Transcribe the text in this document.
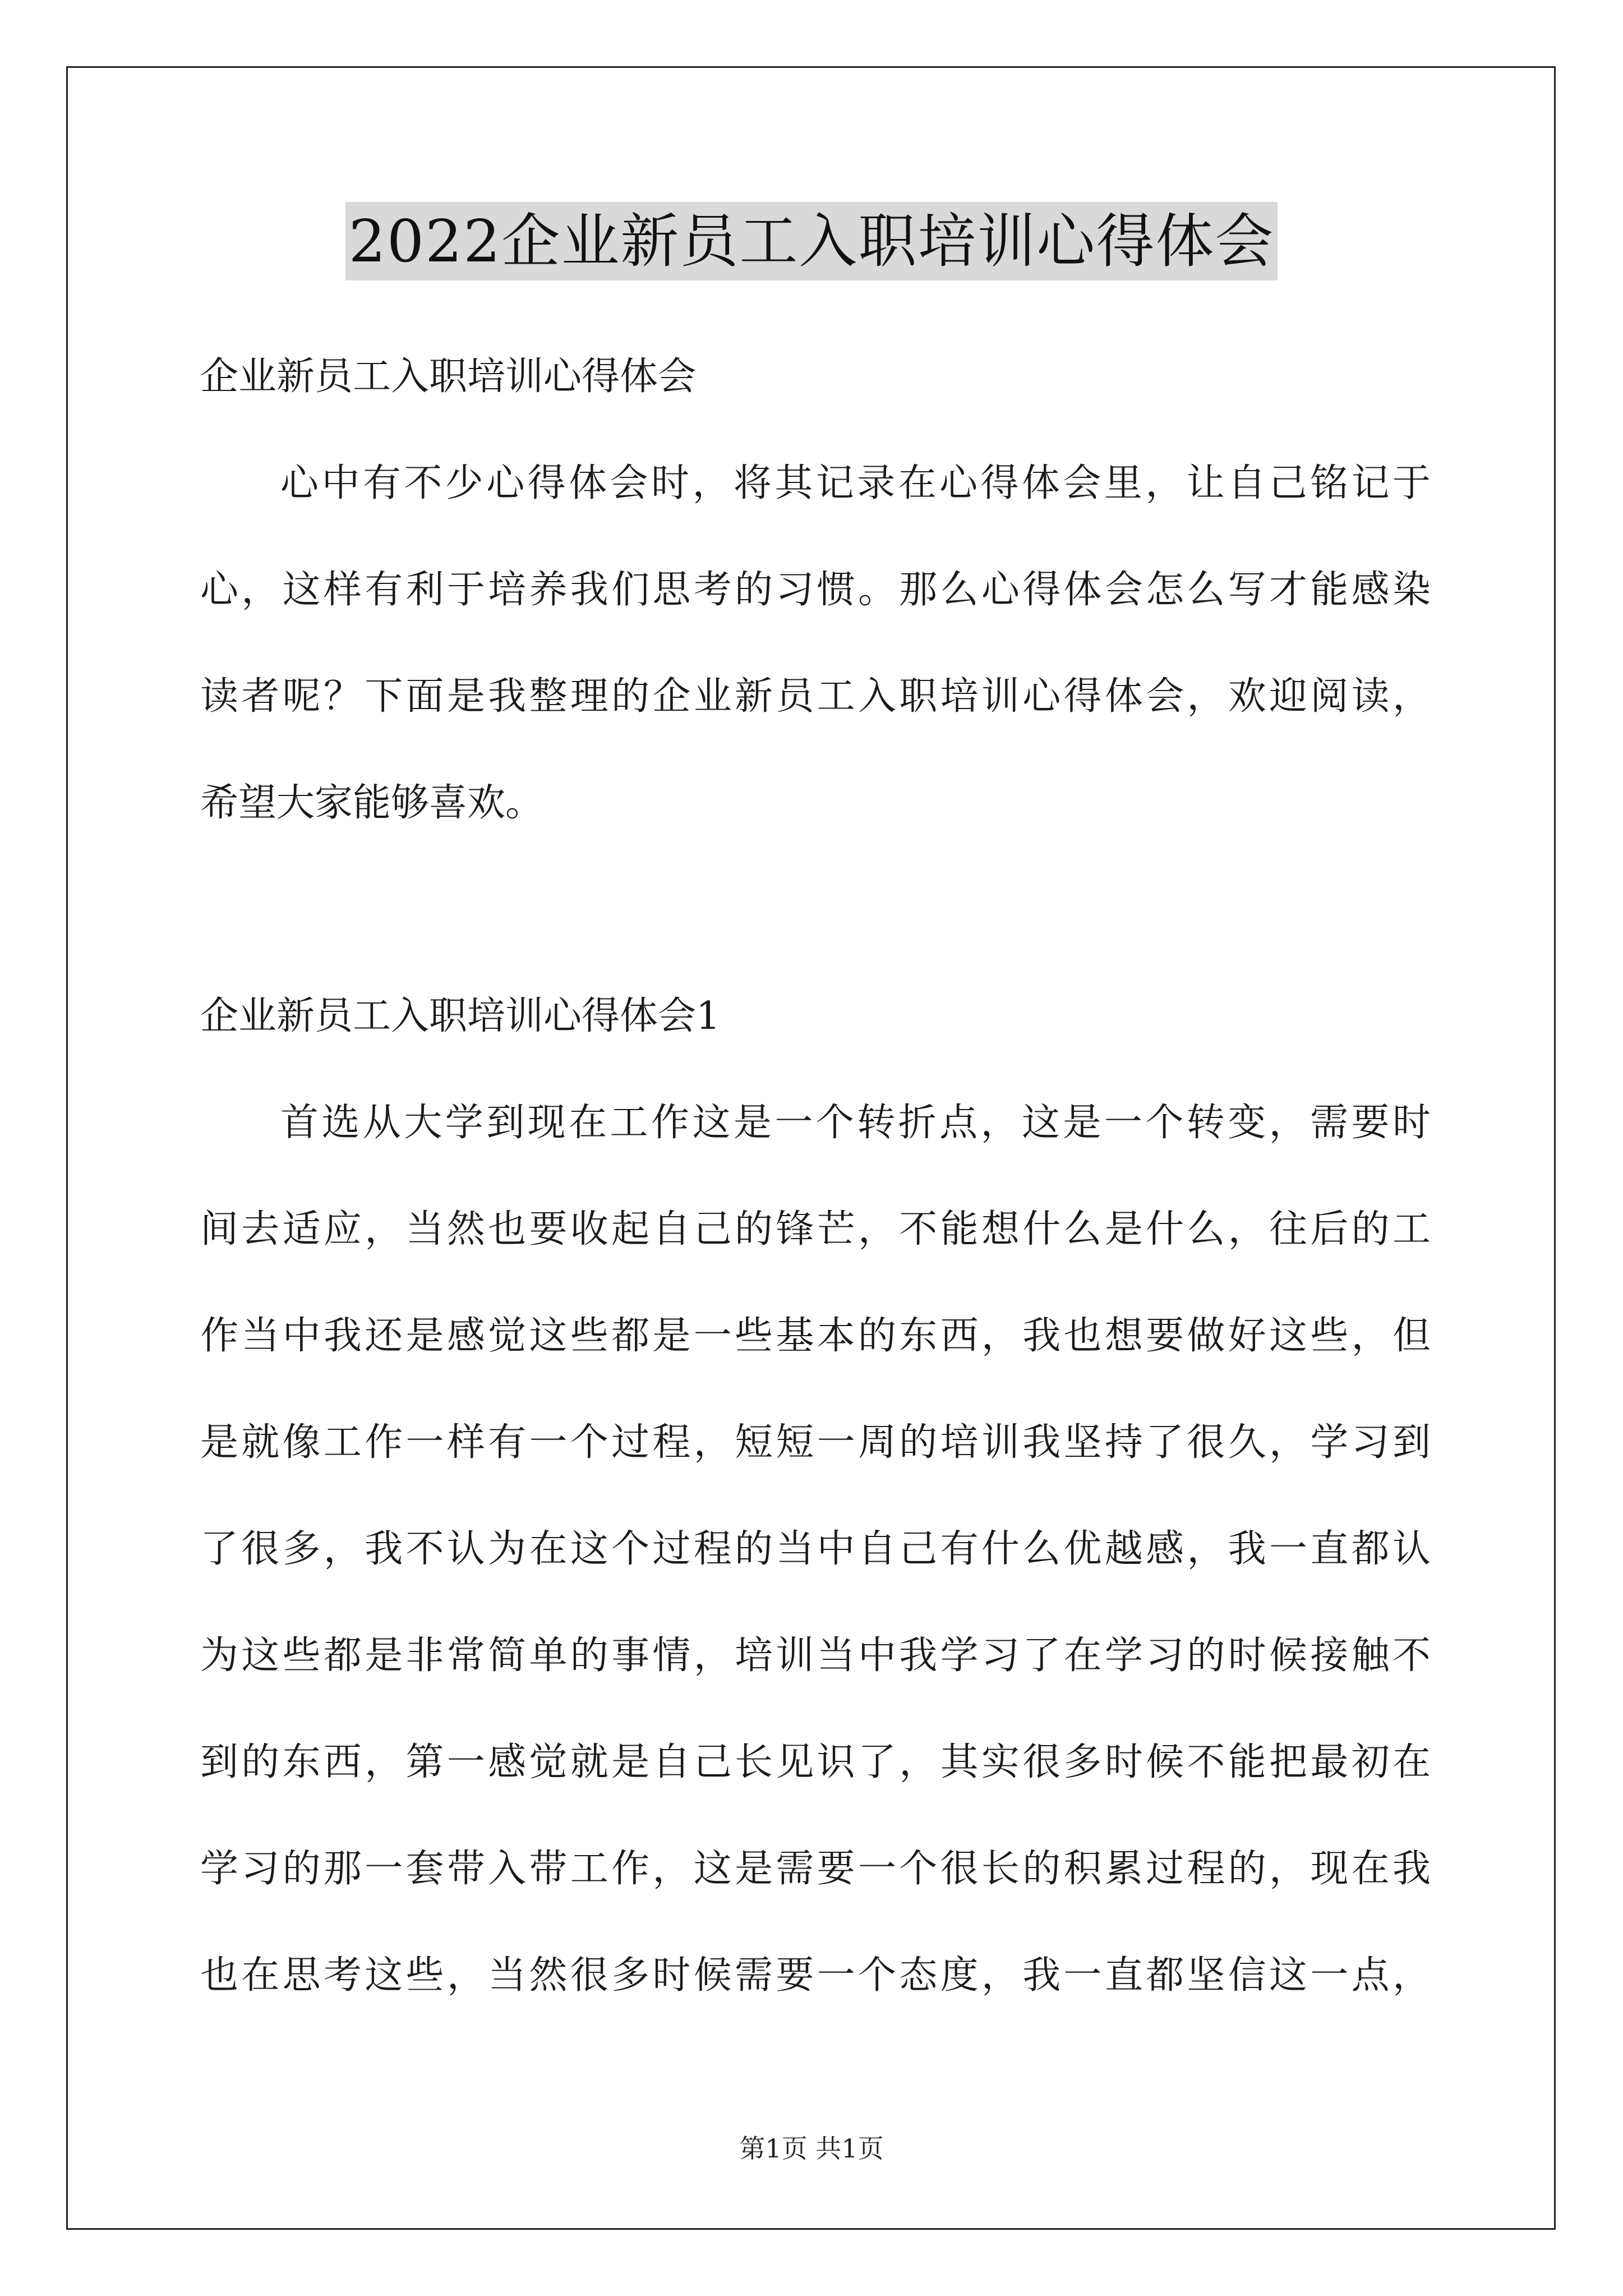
2022企业新员工入职培训心得体会
企业新员工入职培训心得体会
心中有不少心得体会时，将其记录在心得体会里，让自己铭记于
心，这样有利于培养我们思考的习惯。那么心得体会怎么写才能感染
读者呢？下面是我整理的企业新员工入职培训心得体会，欢迎阅读，
希望大家能够喜欢。
企业新员工入职培训心得体会1
首选从大学到现在工作这是一个转折点，这是一个转变，需要时
间去适应，当然也要收起自己的锋芒，不能想什么是什么，往后的工
作当中我还是感觉这些都是一些基本的东西，我也想要做好这些，但
是就像工作一样有一个过程，短短一周的培训我坚持了很久，学习到
了很多，我不认为在这个过程的当中自己有什么优越感，我一直都认
为这些都是非常简单的事情，培训当中我学习了在学习的时候接触不
到的东西，第一感觉就是自己长见识了，其实很多时候不能把最初在
学习的那一套带入带工作，这是需要一个很长的积累过程的，现在我
也在思考这些，当然很多时候需要一个态度，我一直都坚信这一点，
第1页 共1页
